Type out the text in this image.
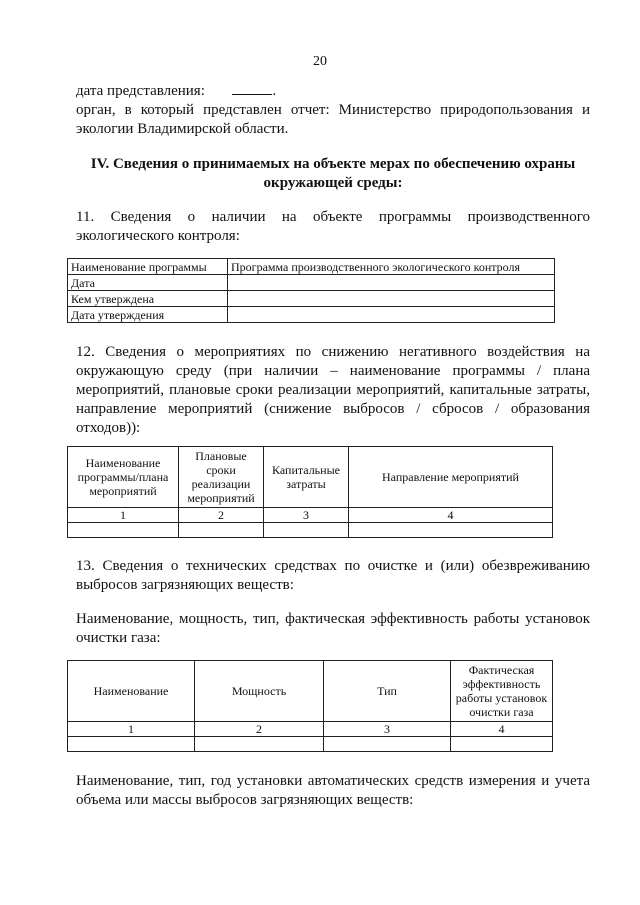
20
дата представления:	.
орган, в который представлен отчет: Министерство природопользования и
экологии Владимирской области.
IV. Сведения о принимаемых на объекте мерах по обеспечению охраны
окружающей среды:
11. Сведения о наличии на объекте программы производственного
экологического контроля:
Наименование программы	Программа производственного экологического контроля
Дата	
Кем утверждена	
Дата утверждения	
12. Сведения о мероприятиях по снижению негативного воздействия на
окружающую среду (при наличии – наименование программы / плана
мероприятий, плановые сроки реализации мероприятий, капитальные затраты,
направление мероприятий (снижение выбросов / сбросов / образования
отходов)):
Наименование
программы/плана
мероприятий	Плановые
сроки
реализации
мероприятий	Капитальные
затраты	Направление мероприятий
1	2	3	4

13. Сведения о технических средствах по очистке и (или) обезвреживанию
выбросов загрязняющих веществ:
Наименование, мощность, тип, фактическая эффективность работы установок
очистки газа:
Наименование	Мощность	Тип	Фактическая
эффективность
работы установок
очистки газа
1	2	3	4

Наименование, тип, год установки автоматических средств измерения и учета
объема или массы выбросов загрязняющих веществ:
